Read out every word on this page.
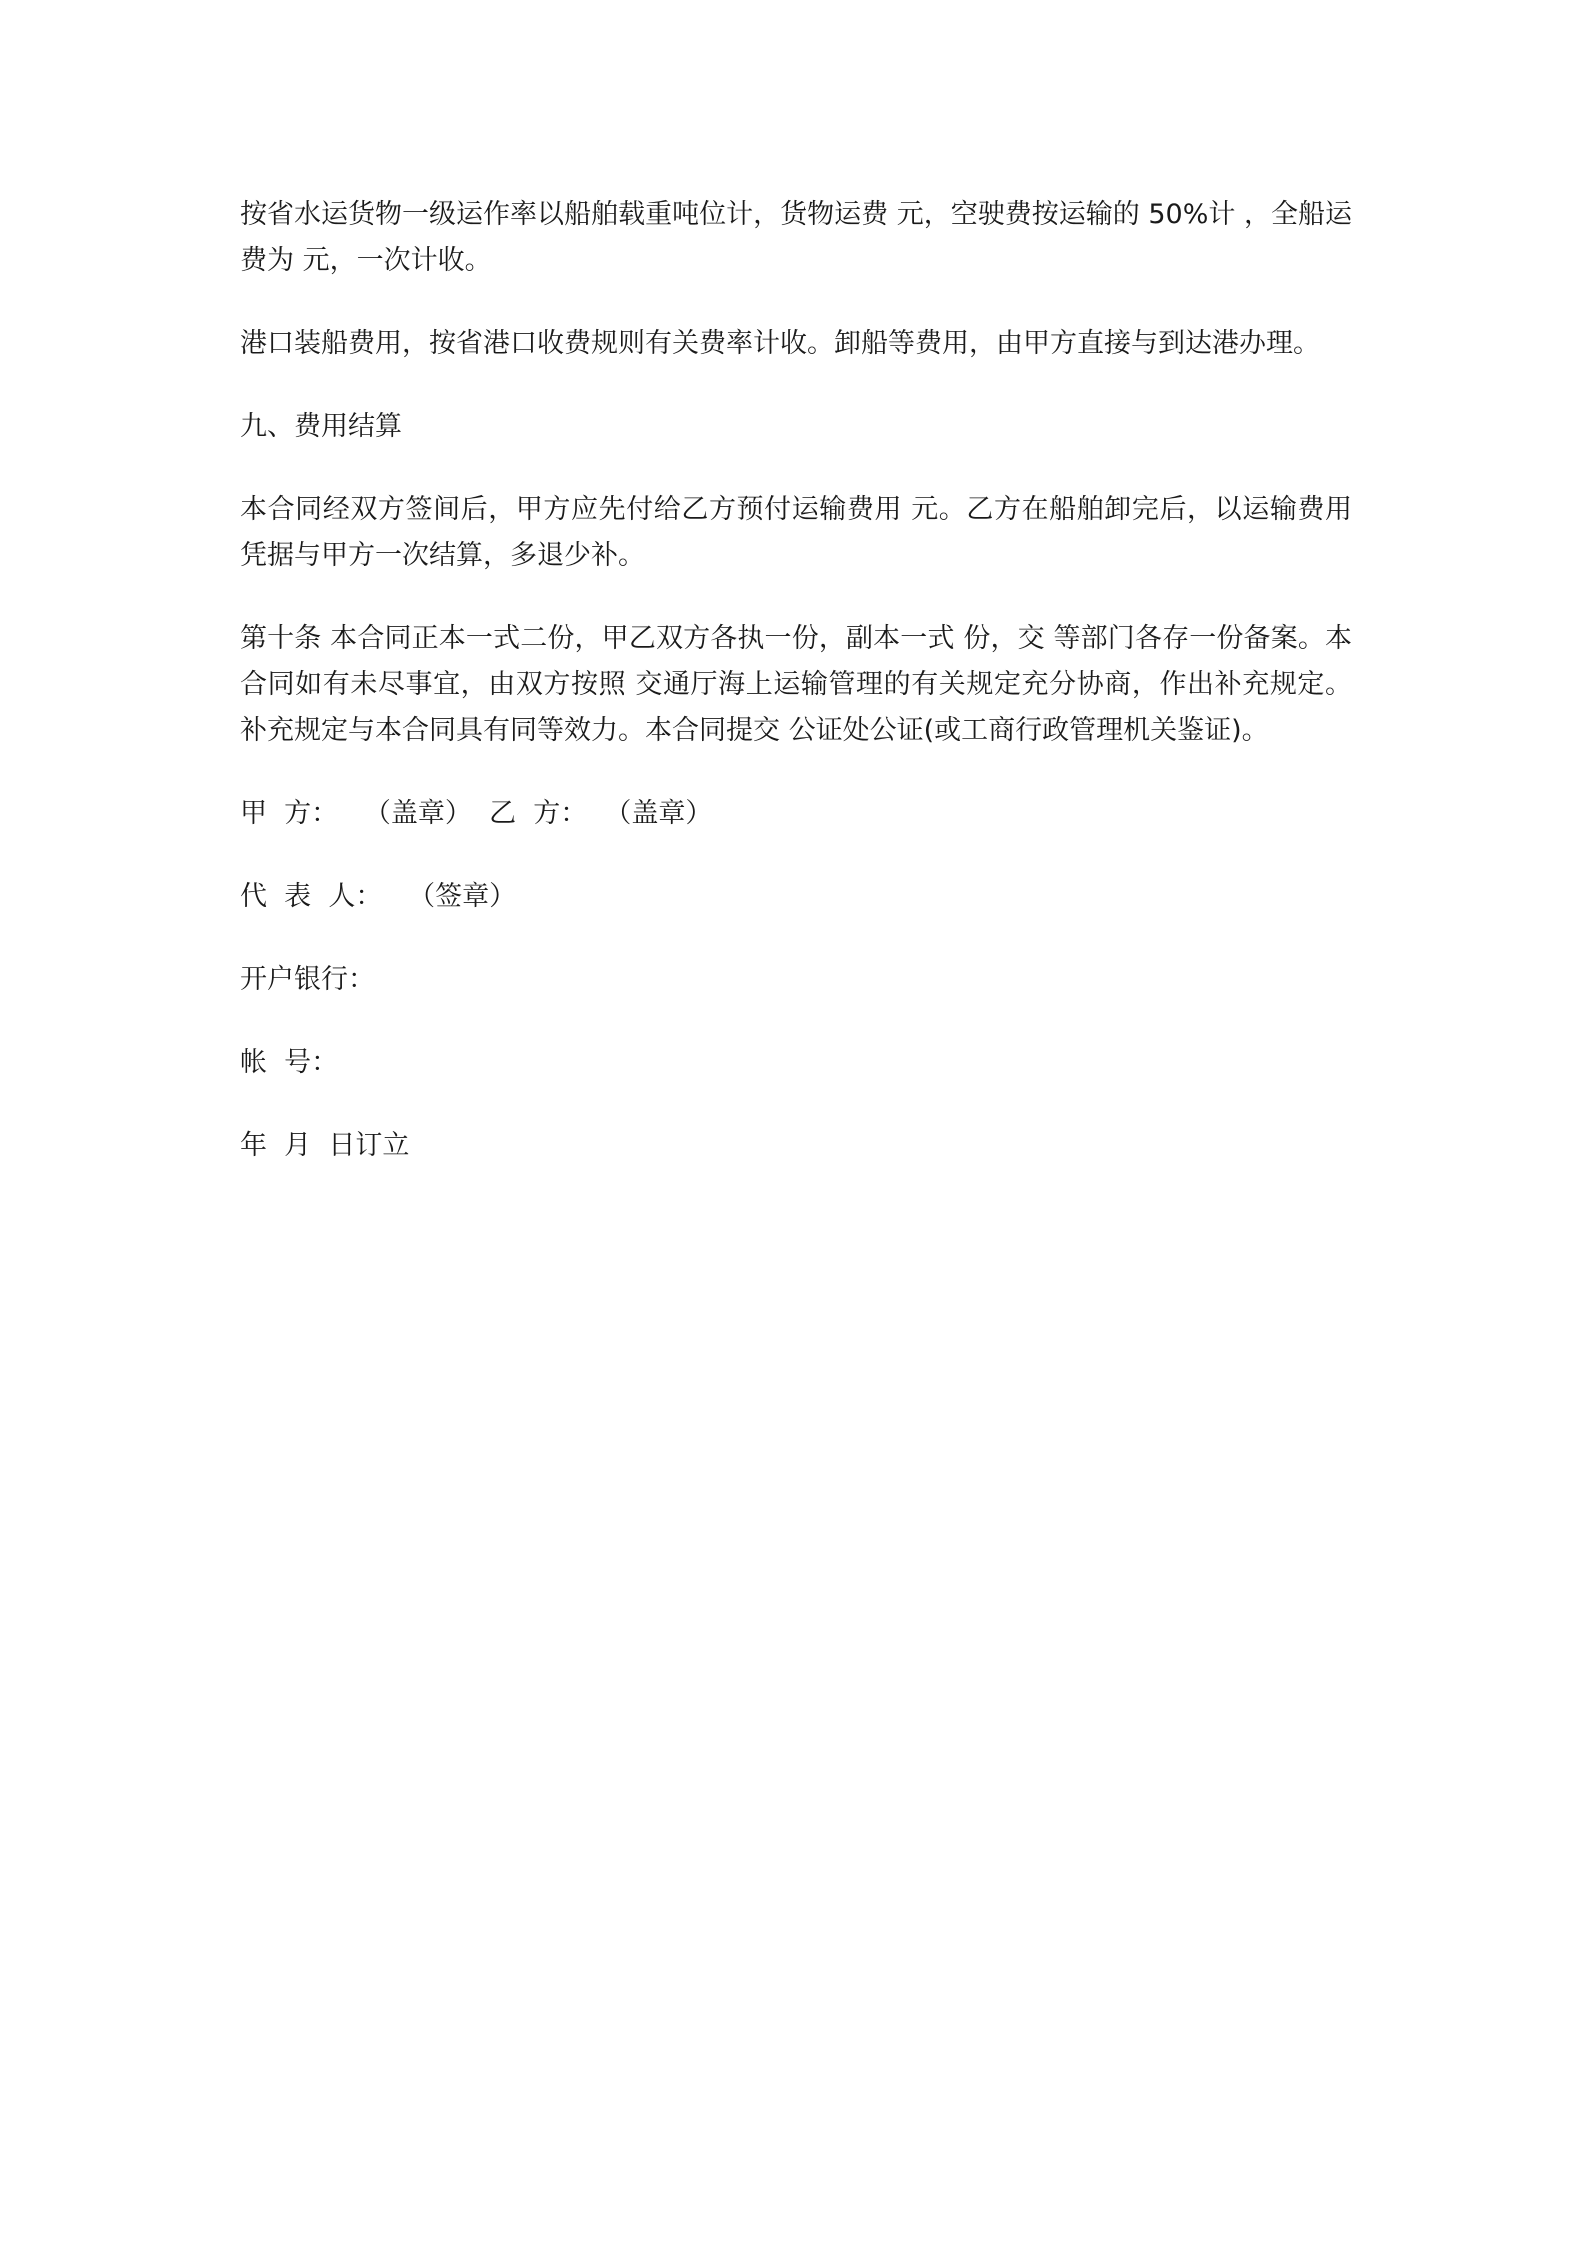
按省水运货物一级运作率以船舶载重吨位计，货物运费 元，空驶费按运输的 50%计 ，全船运费为 元，一次计收。

港口装船费用，按省港口收费规则有关费率计收。卸船等费用，由甲方直接与到达港办理。

九、费用结算

本合同经双方签间后，甲方应先付给乙方预付运输费用 元。乙方在船舶卸完后，以运输费用凭据与甲方一次结算，多退少补。

第十条 本合同正本一式二份，甲乙双方各执一份，副本一式 份，交 等部门各存一份备案。本合同如有未尽事宜，由双方按照 交通厅海上运输管理的有关规定充分协商，作出补充规定。补充规定与本合同具有同等效力。本合同提交 公证处公证(或工商行政管理机关鉴证)。

甲  方：   （盖章）  乙  方：  （盖章）
代  表  人：   （签章）
开户银行：
帐  号：
年  月  日订立
